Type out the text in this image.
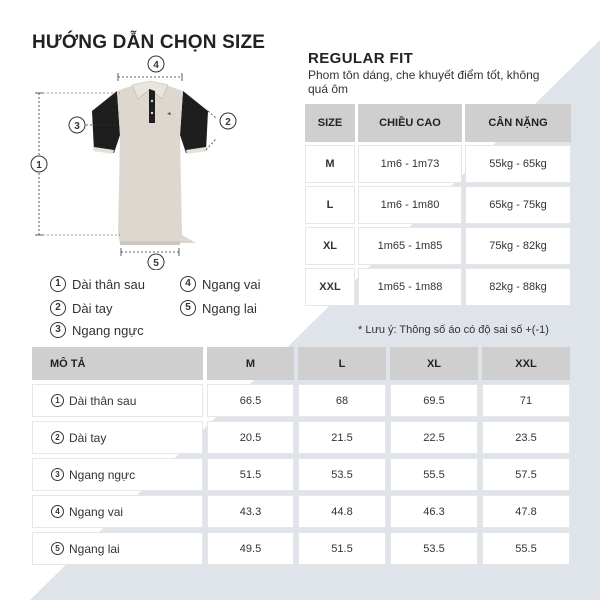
HƯỚNG DẪN CHỌN SIZE
REGULAR FIT
Phom tôn dáng, che khuyết điểm tốt, không quá ôm
1
2
3
4
5
1 Dài thân sau
2 Dài tay
3 Ngang ngực
4 Ngang vai
5 Ngang lai
SIZE	CHIỀU CAO	CÂN NẶNG
M	1m6 - 1m73	55kg - 65kg
L	1m6 - 1m80	65kg - 75kg
XL	1m65 - 1m85	75kg - 82kg
XXL	1m65 - 1m88	82kg - 88kg
* Lưu ý: Thông số áo có độ sai số +(-1)
MÔ TẢ	M	L	XL	XXL
1 Dài thân sau	66.5	68	69.5	71
2 Dài tay	20.5	21.5	22.5	23.5
3 Ngang ngực	51.5	53.5	55.5	57.5
4 Ngang vai	43.3	44.8	46.3	47.8
5 Ngang lai	49.5	51.5	53.5	55.5
